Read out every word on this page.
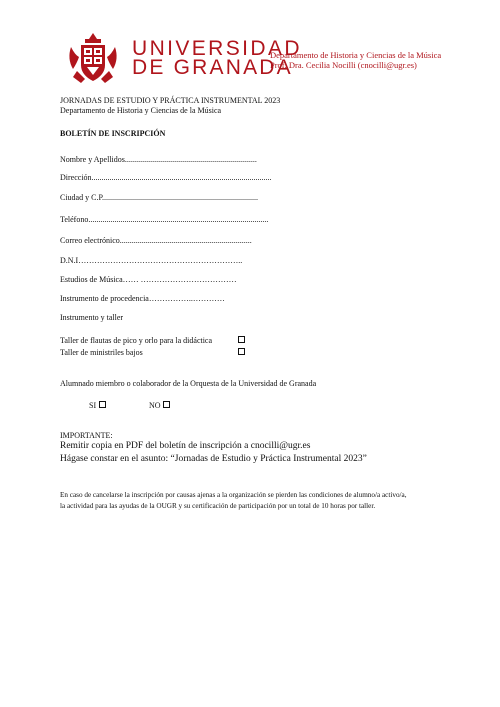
UNIVERSIDAD
DE GRANADA
Departamento de Historia y Ciencias de la Música
Prof. Dra. Cecilia Nocilli (cnocilli@ugr.es)
JORNADAS DE ESTUDIO Y PRÁCTICA INSTRUMENTAL 2023
Departamento de Historia y Ciencias de la Música
BOLETÍN DE INSCRIPCIÓN
Nombre y Apellidos..................................................................
Dirección..........................................................................................
Ciudad y C.P..............................................................................
Teléfono..........................................................................................
Correo electrónico..................................................................
D.N.I……………………………………………………..
Estudios de Música…… ………………………………
Instrumento de procedencia……………..…………
Instrumento y taller
Taller de flautas de pico y orlo para la didáctica
Taller de ministriles bajos
Alumnado miembro o colaborador de la Orquesta de la Universidad de Granada
SI	NO
IMPORTANTE:
Remitir copia en PDF del boletín de inscripción a cnocilli@ugr.es
Hágase constar en el asunto: “Jornadas de Estudio y Práctica Instrumental 2023”
En caso de cancelarse la inscripción por causas ajenas a la organización se pierden las condiciones de alumno/a activo/a,
la actividad para las ayudas de la OUGR y su certificación de participación por un total de 10 horas por taller.
